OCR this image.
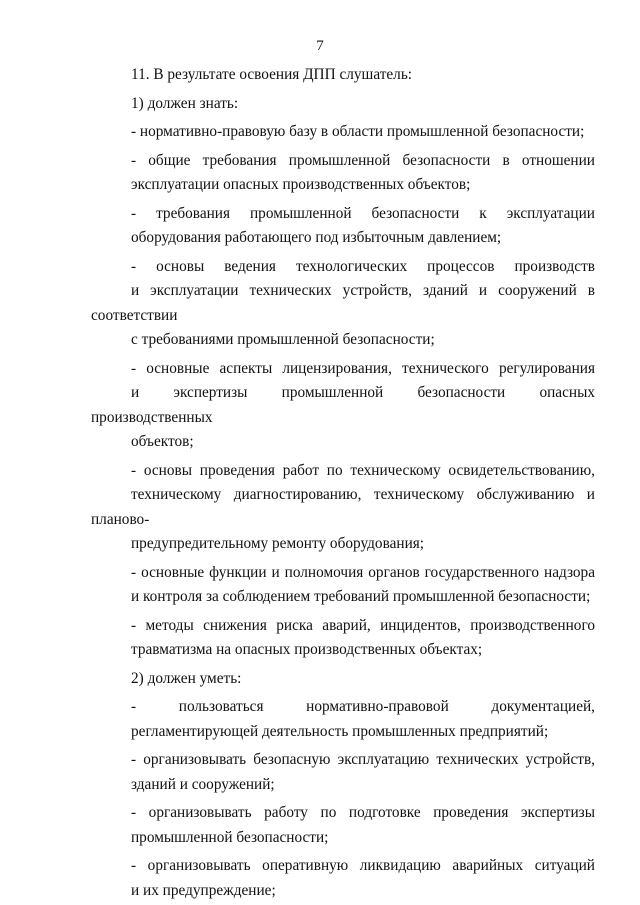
7
11. В результате освоения ДПП слушатель:
1) должен знать:
- нормативно-правовую базу в области промышленной безопасности;
- общие требования промышленной безопасности в отношении
эксплуатации опасных производственных объектов;
- требования промышленной безопасности к эксплуатации
оборудования работающего под избыточным давлением;
- основы ведения технологических процессов производств
и эксплуатации технических устройств, зданий и сооружений в соответствии
с требованиями промышленной безопасности;
- основные аспекты лицензирования, технического регулирования
и экспертизы промышленной безопасности опасных производственных
объектов;
- основы проведения работ по техническому освидетельствованию,
техническому диагностированию, техническому обслуживанию и планово-
предупредительному ремонту оборудования;
- основные функции и полномочия органов государственного надзора
и контроля за соблюдением требований промышленной безопасности;
- методы снижения риска аварий, инцидентов, производственного
травматизма на опасных производственных объектах;
2) должен уметь:
- пользоваться нормативно-правовой документацией,
регламентирующей деятельность промышленных предприятий;
- организовывать безопасную эксплуатацию технических устройств,
зданий и сооружений;
- организовывать работу по подготовке проведения экспертизы
промышленной безопасности;
- организовывать оперативную ликвидацию аварийных ситуаций
и их предупреждение;
